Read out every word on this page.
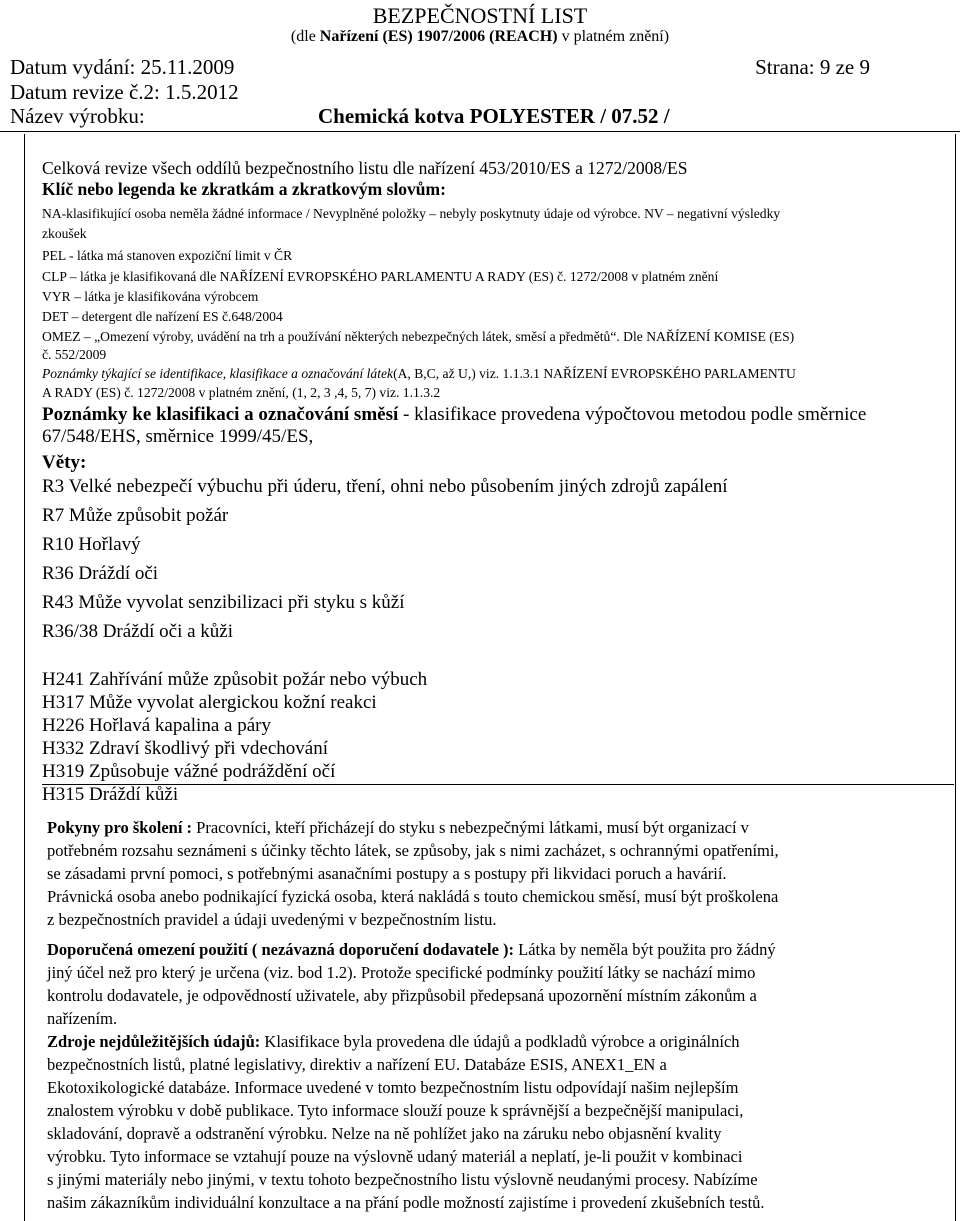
BEZPEČNOSTNÍ LIST
(dle Nařízení (ES) 1907/2006 (REACH) v platném znění)
Datum vydání: 25.11.2009	Strana: 9 ze 9
Datum revize č.2: 1.5.2012
Název výrobku:	Chemická kotva POLYESTER / 07.52 /
Celková revize všech oddílů bezpečnostního listu dle nařízení 453/2010/ES a 1272/2008/ES
Klíč nebo legenda ke zkratkám a zkratkovým slovům:
NA-klasifikující osoba neměla žádné informace / Nevyplněné položky – nebyly poskytnuty údaje od výrobce. NV – negativní výsledky
zkoušek
PEL - látka má stanoven expoziční limit v ČR
CLP – látka je klasifikovaná dle NAŘÍZENÍ EVROPSKÉHO PARLAMENTU A RADY (ES) č. 1272/2008 v platném znění
VYR – látka je klasifikována výrobcem
DET – detergent dle nařízení ES č.648/2004
OMEZ – „Omezení výroby, uvádění na trh a používání některých nebezpečných látek, směsí a předmětů“. Dle NAŘÍZENÍ KOMISE (ES)
č. 552/2009
Poznámky týkající se identifikace, klasifikace a označování látek(A, B,C, až U,) viz. 1.1.3.1 NAŘÍZENÍ EVROPSKÉHO PARLAMENTU
A RADY (ES) č. 1272/2008 v platném znění, (1, 2, 3 ,4, 5, 7) viz. 1.1.3.2
Poznámky ke klasifikaci a označování směsí - klasifikace provedena výpočtovou metodou podle směrnice
67/548/EHS, směrnice 1999/45/ES,
Věty:
R3 Velké nebezpečí výbuchu při úderu, tření, ohni nebo působením jiných zdrojů zapálení
R7 Může způsobit požár
R10 Hořlavý
R36 Dráždí oči
R43 Může vyvolat senzibilizaci při styku s kůží
R36/38 Dráždí oči a kůži
H241 Zahřívání může způsobit požár nebo výbuch
H317 Může vyvolat alergickou kožní reakci
H226 Hořlavá kapalina a páry
H332 Zdraví škodlivý při vdechování
H319 Způsobuje vážné podráždění očí
H315 Dráždí kůži
Pokyny pro školení : Pracovníci, kteří přicházejí do styku s nebezpečnými látkami, musí být organizací v
potřebném rozsahu seznámeni s účinky těchto látek, se způsoby, jak s nimi zacházet, s ochrannými opatřeními,
se zásadami první pomoci, s potřebnými asanačními postupy a s postupy při likvidaci poruch a havárií.
Právnická osoba anebo podnikající fyzická osoba, která nakládá s touto chemickou směsí, musí být proškolena
z bezpečnostních pravidel a údaji uvedenými v bezpečnostním listu.
Doporučená omezení použití ( nezávazná doporučení dodavatele ): Látka by neměla být použita pro žádný
jiný účel než pro který je určena (viz. bod 1.2). Protože specifické podmínky použití látky se nachází mimo
kontrolu dodavatele, je odpovědností uživatele, aby přizpůsobil předepsaná upozornění místním zákonům a
nařízením.
Zdroje nejdůležitějších údajů: Klasifikace byla provedena dle údajů a podkladů výrobce a originálních
bezpečnostních listů, platné legislativy, direktiv a nařízení EU. Databáze ESIS, ANEX1_EN a
Ekotoxikologické databáze. Informace uvedené v tomto bezpečnostním listu odpovídají našim nejlepším
znalostem výrobku v době publikace. Tyto informace slouží pouze k správnější a bezpečnější manipulaci,
skladování, dopravě a odstranění výrobku. Nelze na ně pohlížet jako na záruku nebo objasnění kvality
výrobku. Tyto informace se vztahují pouze na výslovně udaný materiál a neplatí, je-li použit v kombinaci
s jinými materiály nebo jinými, v textu tohoto bezpečnostního listu výslovně neudanými procesy. Nabízíme
našim zákazníkům individuální konzultace a na přání podle možností zajistíme i provedení zkušebních testů.
